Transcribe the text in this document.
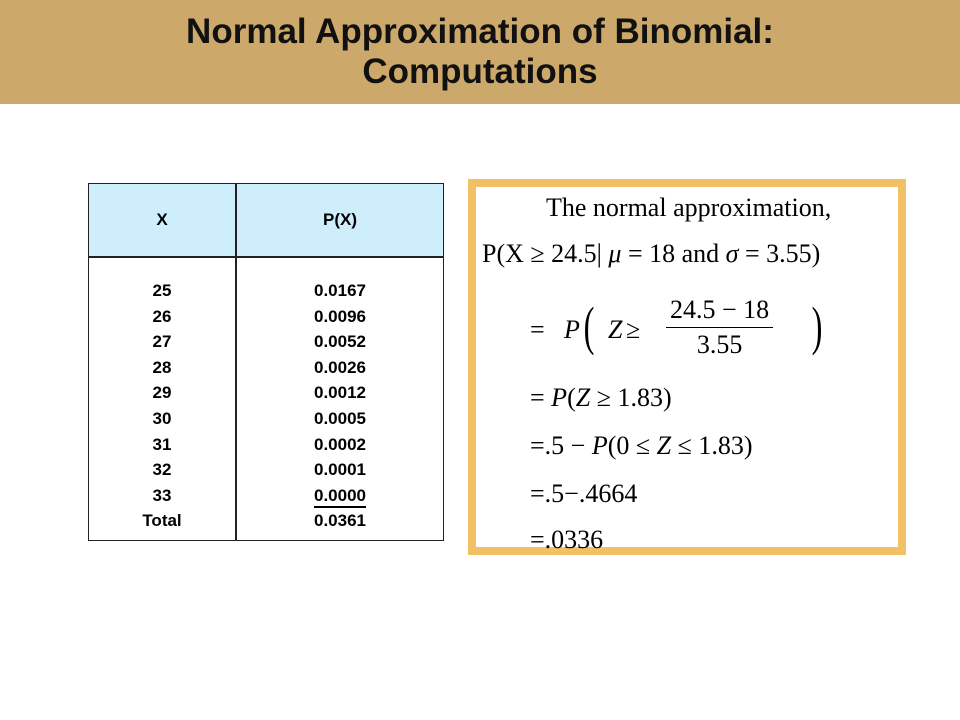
Normal Approximation of Binomial:
Computations
X	P(X)
25
26
27
28
29
30
31
32
33
Total
0.0167
0.0096
0.0052
0.0026
0.0012
0.0005
0.0002
0.0001
0.0000
0.0361
The normal approximation,
P(X ≥ 24.5| μ = 18 and σ = 3.55)
= P ( $Z \ge \frac{24.5 - 18}{3.55}$ )
= P(Z ≥ 1.83)
=.5 − P(0 ≤ Z ≤ 1.83)
=.5−.4664
=.0336
